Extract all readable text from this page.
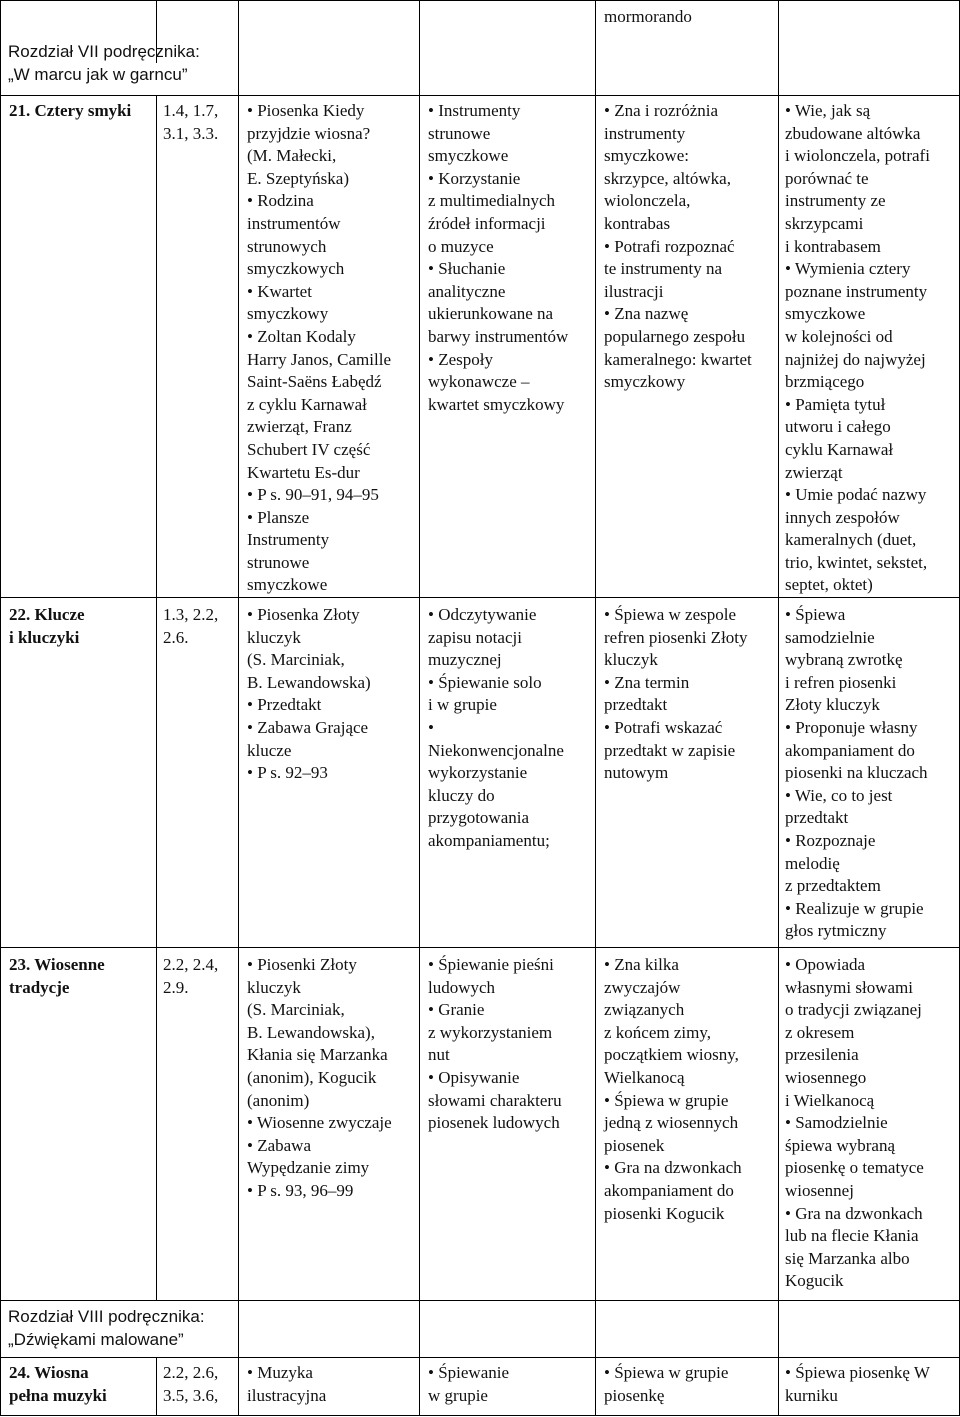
mormorando
Rozdział VII podręcznika:
„W marcu jak w garncu”
Rozdział VIII podręcznika:
„Dźwiękami malowane”
21. Cztery smyki 1.4, 1.7,
3.1, 3.3.
• Piosenka Kiedy
przyjdzie wiosna?
(M. Małecki,
E. Szeptyńska)
• Rodzina
instrumentów
strunowych
smyczkowych
• Kwartet
smyczkowy
• Zoltan Kodaly
Harry Janos, Camille
Saint-Saëns Łabędź
z cyklu Karnawał
zwierząt, Franz
Schubert IV część
Kwartetu Es-dur
• P s. 90–91, 94–95
• Plansze
Instrumenty
strunowe
smyczkowe
• Instrumenty
strunowe
smyczkowe
• Korzystanie
z multimedialnych
źródeł informacji
o muzyce
• Słuchanie
analityczne
ukierunkowane na
barwy instrumentów
• Zespoły
wykonawcze –
kwartet smyczkowy
• Zna i rozróżnia
instrumenty
smyczkowe:
skrzypce, altówka,
wiolonczela,
kontrabas
• Potrafi rozpoznać
te instrumenty na
ilustracji
• Zna nazwę
popularnego zespołu
kameralnego: kwartet
smyczkowy
• Wie, jak są
zbudowane altówka
i wiolonczela, potrafi
porównać te
instrumenty ze
skrzypcami
i kontrabasem
• Wymienia cztery
poznane instrumenty
smyczkowe
w kolejności od
najniżej do najwyżej
brzmiącego
• Pamięta tytuł
utworu i całego
cyklu Karnawał
zwierząt
• Umie podać nazwy
innych zespołów
kameralnych (duet,
trio, kwintet, sekstet,
septet, oktet)
22. Klucze
i kluczyki
1.3, 2.2,
2.6.
• Piosenka Złoty
kluczyk
(S. Marciniak,
B. Lewandowska)
• Przedtakt
• Zabawa Grające
klucze
• P s. 92–93
• Odczytywanie
zapisu notacji
muzycznej
• Śpiewanie solo
i w grupie
•
Niekonwencjonalne
wykorzystanie
kluczy do
przygotowania
akompaniamentu;
• Śpiewa w zespole
refren piosenki Złoty
kluczyk
• Zna termin
przedtakt
• Potrafi wskazać
przedtakt w zapisie
nutowym
• Śpiewa
samodzielnie
wybraną zwrotkę
i refren piosenki
Złoty kluczyk
• Proponuje własny
akompaniament do
piosenki na kluczach
• Wie, co to jest
przedtakt
• Rozpoznaje
melodię
z przedtaktem
• Realizuje w grupie
głos rytmiczny
23. Wiosenne
tradycje
2.2, 2.4,
2.9.
• Piosenki Złoty
kluczyk
(S. Marciniak,
B. Lewandowska),
Kłania się Marzanka
(anonim), Kogucik
(anonim)
• Wiosenne zwyczaje
• Zabawa
Wypędzanie zimy
• P s. 93, 96–99
• Śpiewanie pieśni
ludowych
• Granie
z wykorzystaniem
nut
• Opisywanie
słowami charakteru
piosenek ludowych
• Zna kilka
zwyczajów
związanych
z końcem zimy,
początkiem wiosny,
Wielkanocą
• Śpiewa w grupie
jedną z wiosennych
piosenek
• Gra na dzwonkach
akompaniament do
piosenki Kogucik
• Opowiada
własnymi słowami
o tradycji związanej
z okresem
przesilenia
wiosennego
i Wielkanocą
• Samodzielnie
śpiewa wybraną
piosenkę o tematyce
wiosennej
• Gra na dzwonkach
lub na flecie Kłania
się Marzanka albo
Kogucik
24. Wiosna
pełna muzyki
2.2, 2.6,
3.5, 3.6,
• Muzyka
ilustracyjna
• Śpiewanie
w grupie
• Śpiewa w grupie
piosenkę
• Śpiewa piosenkę W
kurniku
